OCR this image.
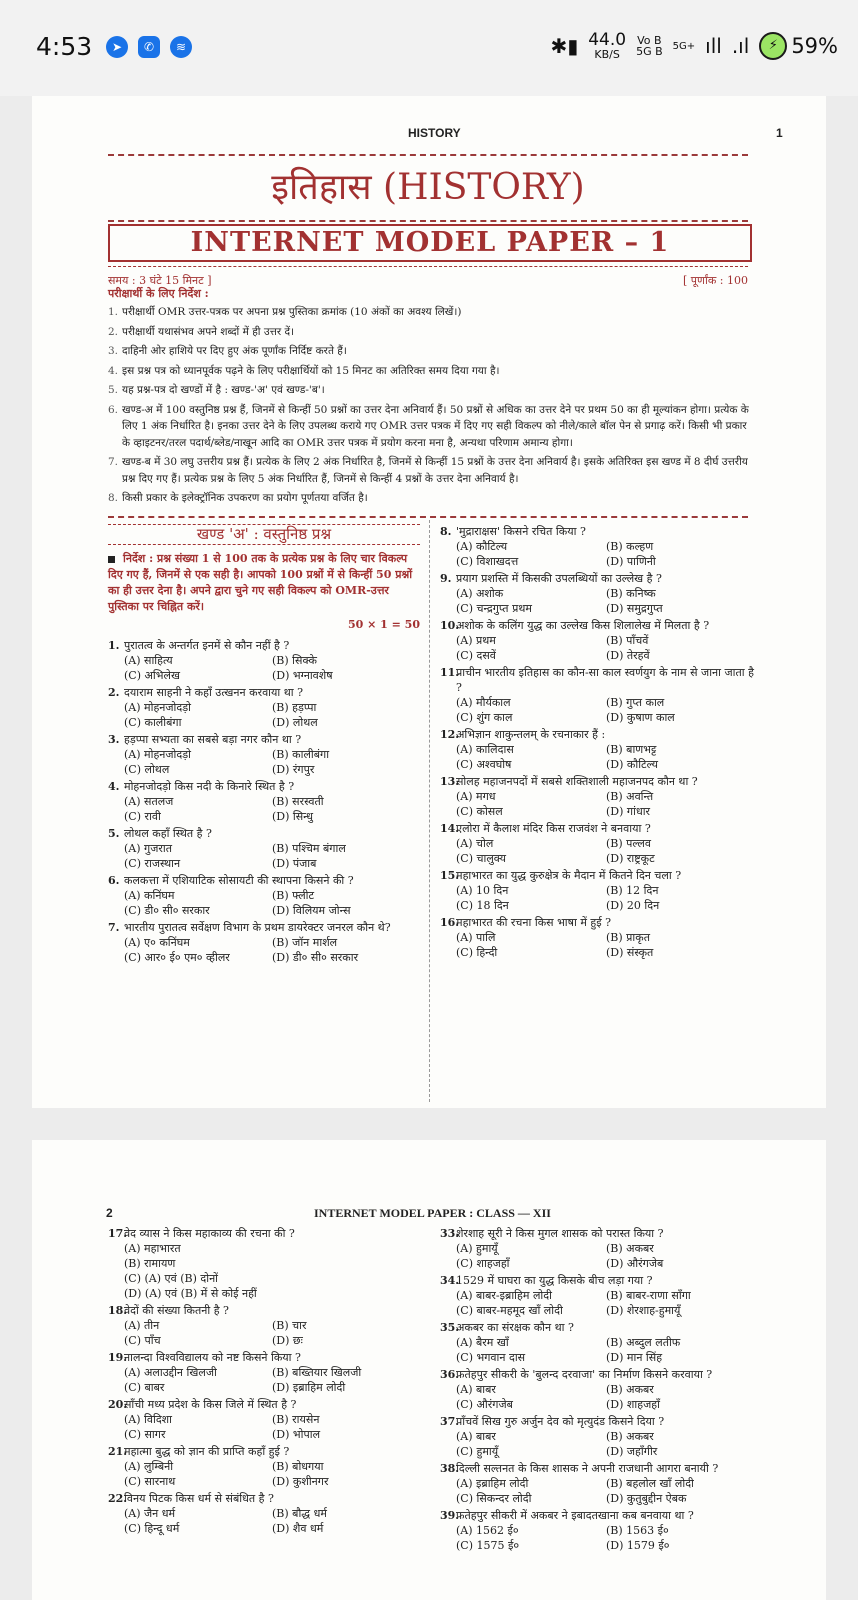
4:53	➤	✆	≋	✱▮ 44.0
KB/S
Vo B
5G B 5G+ ıll .ıl	⚡ 59%
HISTORY	1
इतिहास (HISTORY)
INTERNET MODEL PAPER – 1
समय : 3 घंटे 15 मिनट ]	[ पूर्णांक : 100
परीक्षार्थी के लिए निर्देश :
1. परीक्षार्थी OMR उत्तर-पत्रक पर अपना प्रश्न पुस्तिका क्रमांक (10 अंकों का अवश्य लिखें।)
2. परीक्षार्थी यथासंभव अपने शब्दों में ही उत्तर दें।
3. दाहिनी ओर हाशिये पर दिए हुए अंक पूर्णांक निर्दिष्ट करते हैं।
4. इस प्रश्न पत्र को ध्यानपूर्वक पढ़ने के लिए परीक्षार्थियों को 15 मिनट का अतिरिक्त समय दिया गया है।
5. यह प्रश्न-पत्र दो खण्डों में है : खण्ड-'अ' एवं खण्ड-'ब'।
6. खण्ड-अ में 100 वस्तुनिष्ठ प्रश्न हैं, जिनमें से किन्हीं 50 प्रश्नों का उत्तर देना अनिवार्य हैं। 50 प्रश्नों से अधिक का उत्तर देने पर प्रथम 50 का ही मूल्यांकन होगा। प्रत्येक के लिए 1 अंक निर्धारित है। इनका उत्तर देने के लिए उपलब्ध कराये गए OMR उत्तर पत्रक में दिए गए सही विकल्प को नीले/काले बॉल पेन से प्रगाढ़ करें। किसी भी प्रकार के व्हाइटनर/तरल पदार्थ/ब्लेड/नाखून आदि का OMR उत्तर पत्रक में प्रयोग करना मना है, अन्यथा परिणाम अमान्य होगा।
7. खण्ड-ब में 30 लघु उत्तरीय प्रश्न हैं। प्रत्येक के लिए 2 अंक निर्धारित है, जिनमें से किन्हीं 15 प्रश्नों के उत्तर देना अनिवार्य है। इसके अतिरिक्त इस खण्ड में 8 दीर्घ उत्तरीय प्रश्न दिए गए हैं। प्रत्येक प्रश्न के लिए 5 अंक निर्धारित हैं, जिनमें से किन्हीं 4 प्रश्नों के उत्तर देना अनिवार्य है।
8. किसी प्रकार के इलेक्ट्रॉनिक उपकरण का प्रयोग पूर्णतया वर्जित है।
खण्ड 'अ' : वस्तुनिष्ठ प्रश्न
निर्देश : प्रश्न संख्या 1 से 100 तक के प्रत्येक प्रश्न के लिए चार विकल्प दिए गए हैं, जिनमें से एक सही है। आपको 100 प्रश्नों में से किन्हीं 50 प्रश्नों का ही उत्तर देना है। अपने द्वारा चुने गए सही विकल्प को OMR-उत्तर पुस्तिका पर चिह्नित करें।
50 × 1 = 50
1. पुरातत्व के अन्तर्गत इनमें से कौन नहीं है ?
(A) साहित्य	(B) सिक्के
(C) अभिलेख	(D) भग्नावशेष
2. दयाराम साहनी ने कहाँ उत्खनन करवाया था ?
(A) मोहनजोदड़ो	(B) हड़प्पा
(C) कालीबंगा	(D) लोथल
3. हड़प्पा सभ्यता का सबसे बड़ा नगर कौन था ?
(A) मोहनजोदड़ो	(B) कालीबंगा
(C) लोथल	(D) रंगपुर
4. मोहनजोदड़ो किस नदी के किनारे स्थित है ?
(A) सतलज	(B) सरस्वती
(C) रावी	(D) सिन्धु
5. लोथल कहाँ स्थित है ?
(A) गुजरात	(B) पश्चिम बंगाल
(C) राजस्थान	(D) पंजाब
6. कलकत्ता में एशियाटिक सोसायटी की स्थापना किसने की ?
(A) कनिंघम	(B) फ्लीट
(C) डी० सी० सरकार	(D) विलियम जोन्स
7. भारतीय पुरातत्व सर्वेक्षण विभाग के प्रथम डायरेक्टर जनरल कौन थे?
(A) ए० कनिंघम	(B) जॉन मार्शल
(C) आर० ई० एम० व्हीलर	(D) डी० सी० सरकार
8. 'मुद्राराक्षस' किसने रचित किया ?
(A) कौटिल्य	(B) कल्हण
(C) विशाखदत्त	(D) पाणिनी
9. प्रयाग प्रशस्ति में किसकी उपलब्धियों का उल्लेख है ?
(A) अशोक	(B) कनिष्क
(C) चन्द्रगुप्त प्रथम	(D) समुद्रगुप्त
10.
अशोक के कलिंग युद्ध का उल्लेख किस शिलालेख में मिलता है ?
(A) प्रथम	(B) पाँचवें
(C) दसवें	(D) तेरहवें
11.
प्राचीन भारतीय इतिहास का कौन-सा काल स्वर्णयुग के नाम से जाना जाता है ?
(A) मौर्यकाल	(B) गुप्त काल
(C) शुंग काल	(D) कुषाण काल
12.
अभिज्ञान शाकुन्तलम् के रचनाकार हैं :
(A) कालिदास	(B) बाणभट्ट
(C) अश्वघोष	(D) कौटिल्य
13.
सोलह महाजनपदों में सबसे शक्तिशाली महाजनपद कौन था ?
(A) मगध	(B) अवन्ति
(C) कोसल	(D) गांधार
14.
एलोरा में कैलाश मंदिर किस राजवंश ने बनवाया ?
(A) चोल	(B) पल्लव
(C) चालुक्य	(D) राष्ट्रकूट
15.
महाभारत का युद्ध कुरुक्षेत्र के मैदान में कितने दिन चला ?
(A) 10 दिन	(B) 12 दिन
(C) 18 दिन	(D) 20 दिन
16.
महाभारत की रचना किस भाषा में हुई ?
(A) पालि	(B) प्राकृत
(C) हिन्दी	(D) संस्कृत
2	INTERNET MODEL PAPER : CLASS — XII
17.
वेद व्यास ने किस महाकाव्य की रचना की ?
(A) महाभारत
(B) रामायण
(C) (A) एवं (B) दोनों
(D) (A) एवं (B) में से कोई नहीं
18.
वेदों की संख्या कितनी है ?
(A) तीन	(B) चार
(C) पाँच	(D) छः
19.
नालन्दा विश्वविद्यालय को नष्ट किसने किया ?
(A) अलाउद्दीन खिलजी	(B) बख्तियार खिलजी
(C) बाबर	(D) इब्राहिम लोदी
20.
साँची मध्य प्रदेश के किस जिले में स्थित है ?
(A) विदिशा	(B) रायसेन
(C) सागर	(D) भोपाल
21.
महात्मा बुद्ध को ज्ञान की प्राप्ति कहाँ हुई ?
(A) लुम्बिनी	(B) बोधगया
(C) सारनाथ	(D) कुशीनगर
22.
विनय पिटक किस धर्म से संबंधित है ?
(A) जैन धर्म	(B) बौद्ध धर्म
(C) हिन्दू धर्म	(D) शैव धर्म
33.
शेरशाह सूरी ने किस मुगल शासक को परास्त किया ?
(A) हुमायूँ	(B) अकबर
(C) शाहजहाँ	(D) औरंगजेब
34.
1529 में घाघरा का युद्ध किसके बीच लड़ा गया ?
(A) बाबर-इब्राहिम लोदी	(B) बाबर-राणा साँगा
(C) बाबर-महमूद खाँ लोदी	(D) शेरशाह-हुमायूँ
35.
अकबर का संरक्षक कौन था ?
(A) बैरम खाँ	(B) अब्दुल लतीफ
(C) भगवान दास	(D) मान सिंह
36.
फतेहपुर सीकरी के 'बुलन्द दरवाजा' का निर्माण किसने करवाया ?
(A) बाबर	(B) अकबर
(C) औरंगजेब	(D) शाहजहाँ
37.
पाँचवें सिख गुरु अर्जुन देव को मृत्युदंड किसने दिया ?
(A) बाबर	(B) अकबर
(C) हुमायूँ	(D) जहाँगीर
38.
दिल्ली सल्तनत के किस शासक ने अपनी राजधानी आगरा बनायी ?
(A) इब्राहिम लोदी	(B) बहलोल खाँ लोदी
(C) सिकन्दर लोदी	(D) कुतुबुद्दीन ऐबक
39.
फतेहपुर सीकरी में अकबर ने इबादतखाना कब बनवाया था ?
(A) 1562 ई०	(B) 1563 ई०
(C) 1575 ई०	(D) 1579 ई०
